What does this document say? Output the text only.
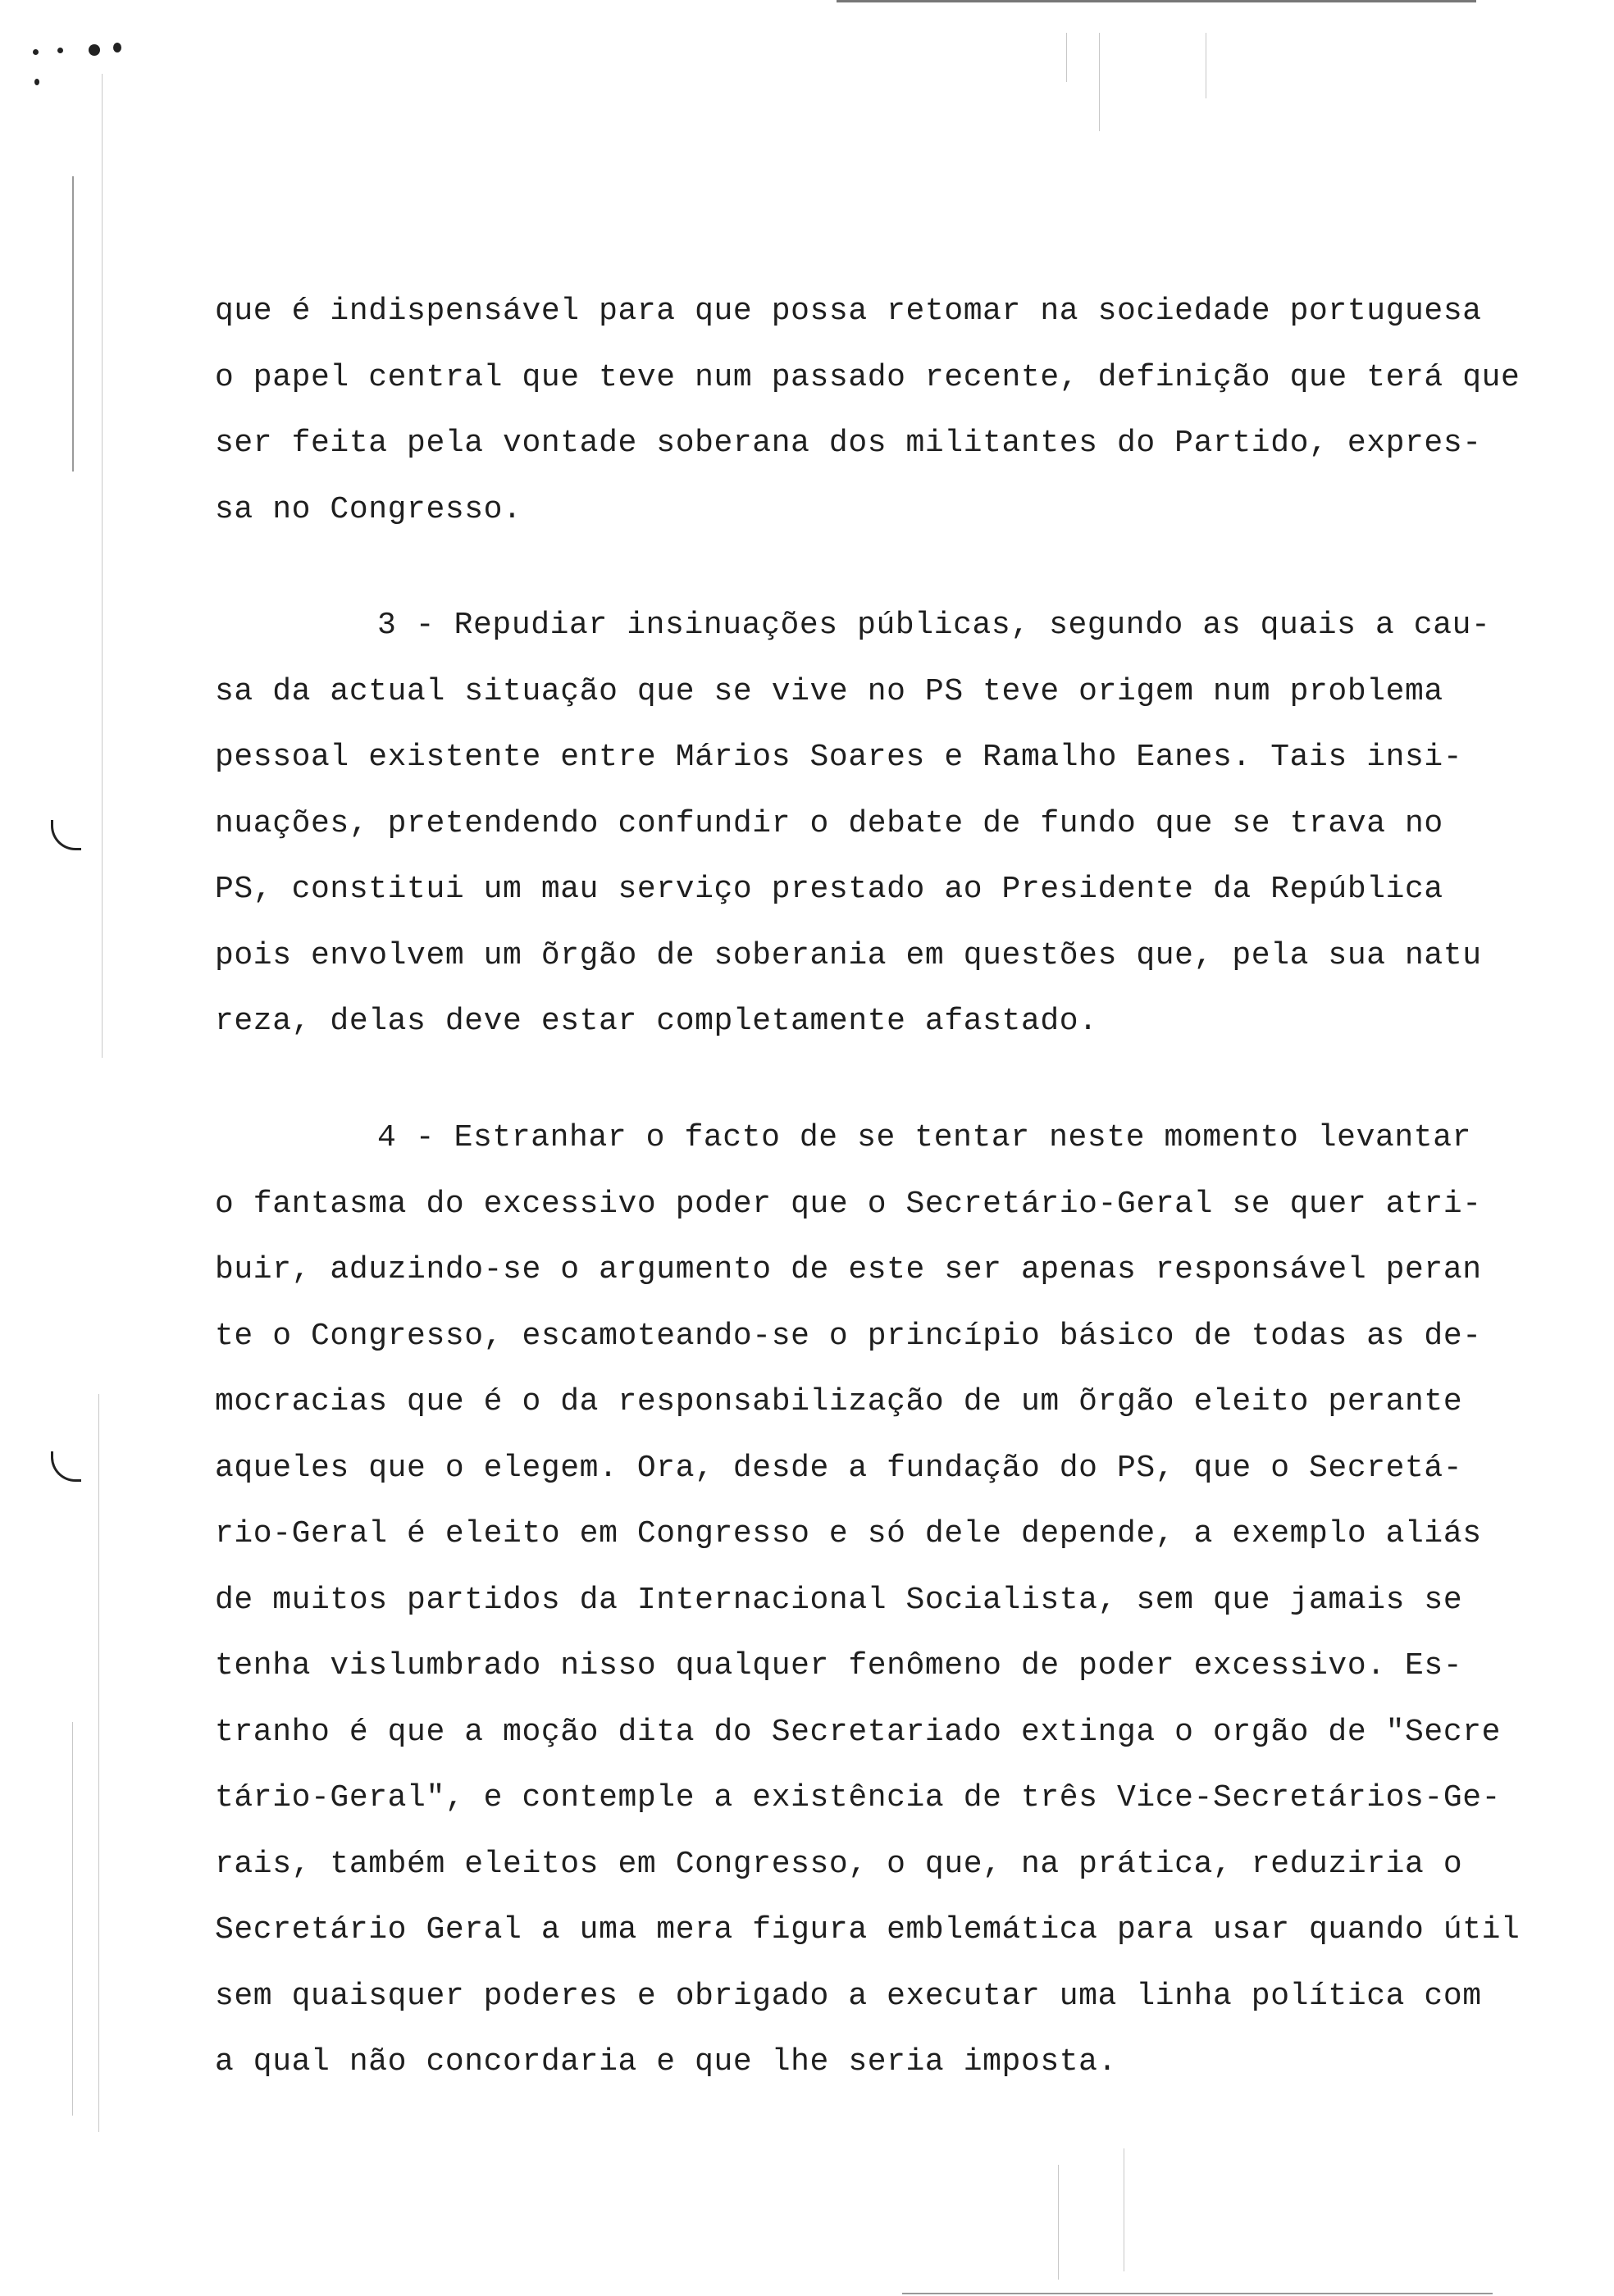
que é indispensável para que possa retomar na sociedade portuguesa
o papel central que teve num passado recente, definição que terá que
ser feita pela vontade soberana dos militantes do Partido, expres-
sa no Congresso.
3 - Repudiar insinuações públicas, segundo as quais a cau-
sa da actual situação que se vive no PS teve origem num problema
pessoal existente entre Mários Soares e Ramalho Eanes. Tais insi-
nuações, pretendendo confundir o debate de fundo que se trava no
PS, constitui um mau serviço prestado ao Presidente da República
pois envolvem um õrgão de soberania em questões que, pela sua natu
reza, delas deve estar completamente afastado.
4 - Estranhar o facto de se tentar neste momento levantar
o fantasma do excessivo poder que o Secretário-Geral se quer atri-
buir, aduzindo-se o argumento de este ser apenas responsável peran
te o Congresso, escamoteando-se o princípio básico de todas as de-
mocracias que é o da responsabilização de um õrgão eleito perante
aqueles que o elegem. Ora, desde a fundação do PS, que o Secretá-
rio-Geral é eleito em Congresso e só dele depende, a exemplo aliás
de muitos partidos da Internacional Socialista, sem que jamais se
tenha vislumbrado nisso qualquer fenômeno de poder excessivo. Es-
tranho é que a moção dita do Secretariado extinga o orgão de "Secre
tário-Geral", e contemple a existência de três Vice-Secretários-Ge-
rais, também eleitos em Congresso, o que, na prática, reduziria o
Secretário Geral a uma mera figura emblemática para usar quando útil
sem quaisquer poderes e obrigado a executar uma linha política com
a qual não concordaria e que lhe seria imposta.
